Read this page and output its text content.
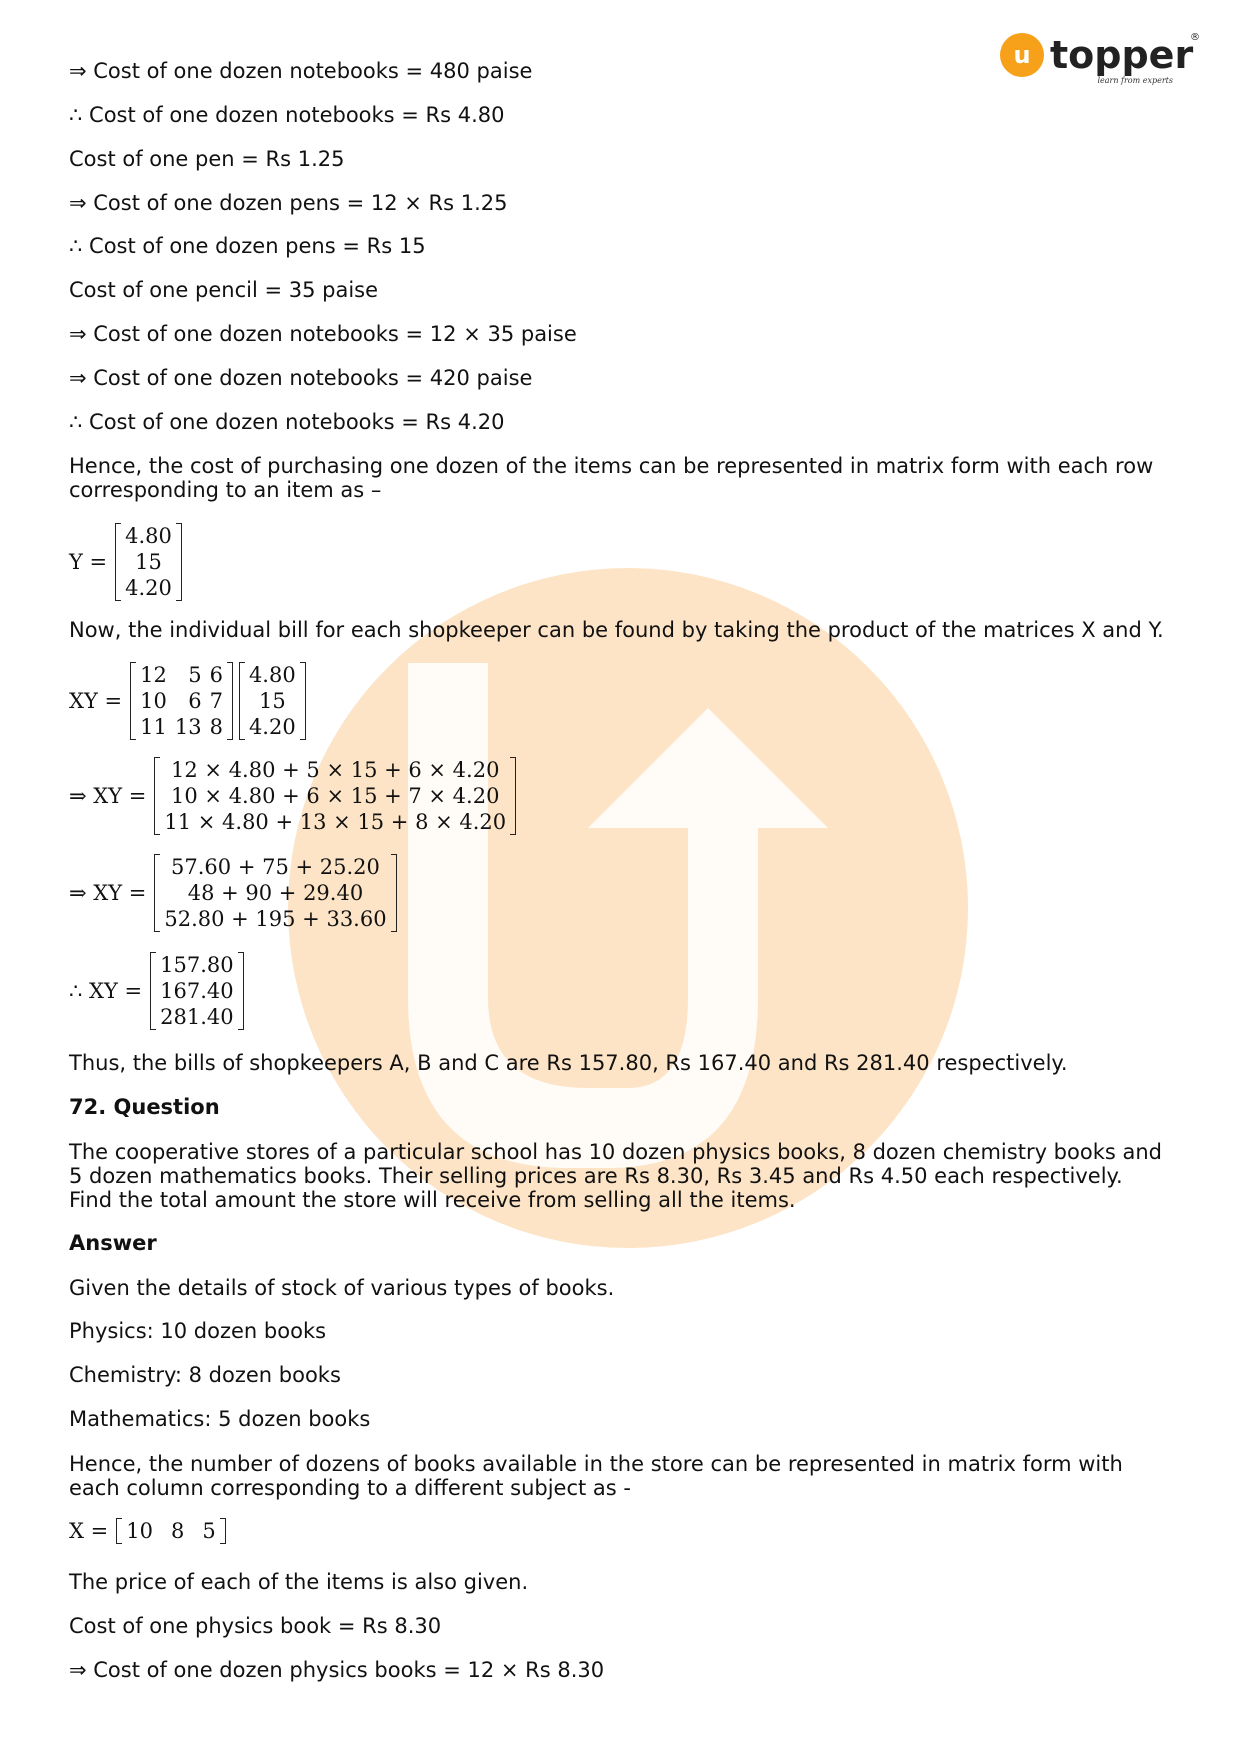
u topper
®
learn from experts
⇒ Cost of one dozen notebooks = 480 paise
∴ Cost of one dozen notebooks = Rs 4.80
Cost of one pen = Rs 1.25
⇒ Cost of one dozen pens = 12 × Rs 1.25
∴ Cost of one dozen pens = Rs 15
Cost of one pencil = 35 paise
⇒ Cost of one dozen notebooks = 12 × 35 paise
⇒ Cost of one dozen notebooks = 420 paise
∴ Cost of one dozen notebooks = Rs 4.20
Hence, the cost of purchasing one dozen of the items can be represented in matrix form with each row corresponding to an item as –
Y =
4.80
15
4.20
Now, the individual bill for each shopkeeper can be found by taking the product of the matrices X and Y.
XY =
12	5	6
10	6	7
11	13	8
4.80
15
4.20
⇒ XY =
12 × 4.80 + 5 × 15 + 6 × 4.20
10 × 4.80 + 6 × 15 + 7 × 4.20
11 × 4.80 + 13 × 15 + 8 × 4.20
⇒ XY =
57.60 + 75 + 25.20
48 + 90 + 29.40
52.80 + 195 + 33.60
∴ XY =
157.80
167.40
281.40
Thus, the bills of shopkeepers A, B and C are Rs 157.80, Rs 167.40 and Rs 281.40 respectively.
72. Question
The cooperative stores of a particular school has 10 dozen physics books, 8 dozen chemistry books and 5 dozen mathematics books. Their selling prices are Rs 8.30, Rs 3.45 and Rs 4.50 each respectively. Find the total amount the store will receive from selling all the items.
Answer
Given the details of stock of various types of books.
Physics: 10 dozen books
Chemistry: 8 dozen books
Mathematics: 5 dozen books
Hence, the number of dozens of books available in the store can be represented in matrix form with each column corresponding to a different subject as -
X = 10	8	5
The price of each of the items is also given.
Cost of one physics book = Rs 8.30
⇒ Cost of one dozen physics books = 12 × Rs 8.30
